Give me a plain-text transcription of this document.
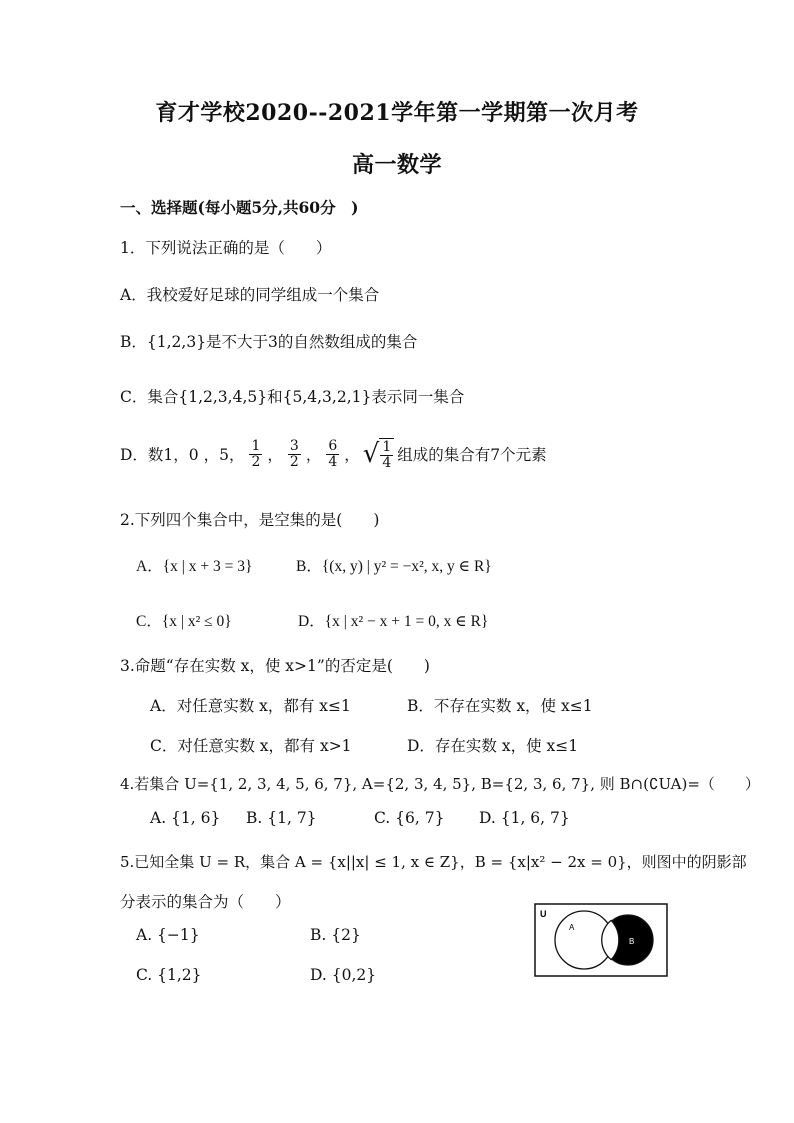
育才学校2020--2021学年第一学期第一次月考
高一数学
一、选择题(每小题5分,共60分　)
1．下列说法正确的是（　　）
A．我校爱好足球的同学组成一个集合
B．{1,2,3}是不大于3的自然数组成的集合
C．集合{1,2,3,4,5}和{5,4,3,2,1}表示同一集合
D．数1，0 ，5， $\frac{1}{2}$ ， $\frac{3}{2}$ ， $\frac{6}{4}$ ， √ $\frac{1}{4}$ 组成的集合有7个元素
2.下列四个集合中，是空集的是(　　)
A．{x | x + 3 = 3}	B．{(x, y) | y² = −x², x, y ∈ R}
C．{x | x² ≤ 0}	D．{x | x² − x + 1 = 0, x ∈ R}
3.命题“存在实数 x，使 x>1”的否定是(　　)
A．对任意实数 x，都有 x≤1	B．不存在实数 x，使 x≤1
C．对任意实数 x，都有 x>1	D．存在实数 x，使 x≤1
4.若集合 U={1, 2, 3, 4, 5, 6, 7}, A={2, 3, 4, 5}, B={2, 3, 6, 7}, 则 B∩(∁UA)=（　　）
A. {1, 6} B. {1, 7}	C. {6, 7} D. {1, 6, 7}
5.已知全集 U = R，集合 A = {x||x| ≤ 1, x ∈ Z}，B = {x|x² − 2x = 0}，则图中的阴影部
分表示的集合为（　　）
A. {−1}	B. {2}
C. {1,2}	D. {0,2}
U
A
B
